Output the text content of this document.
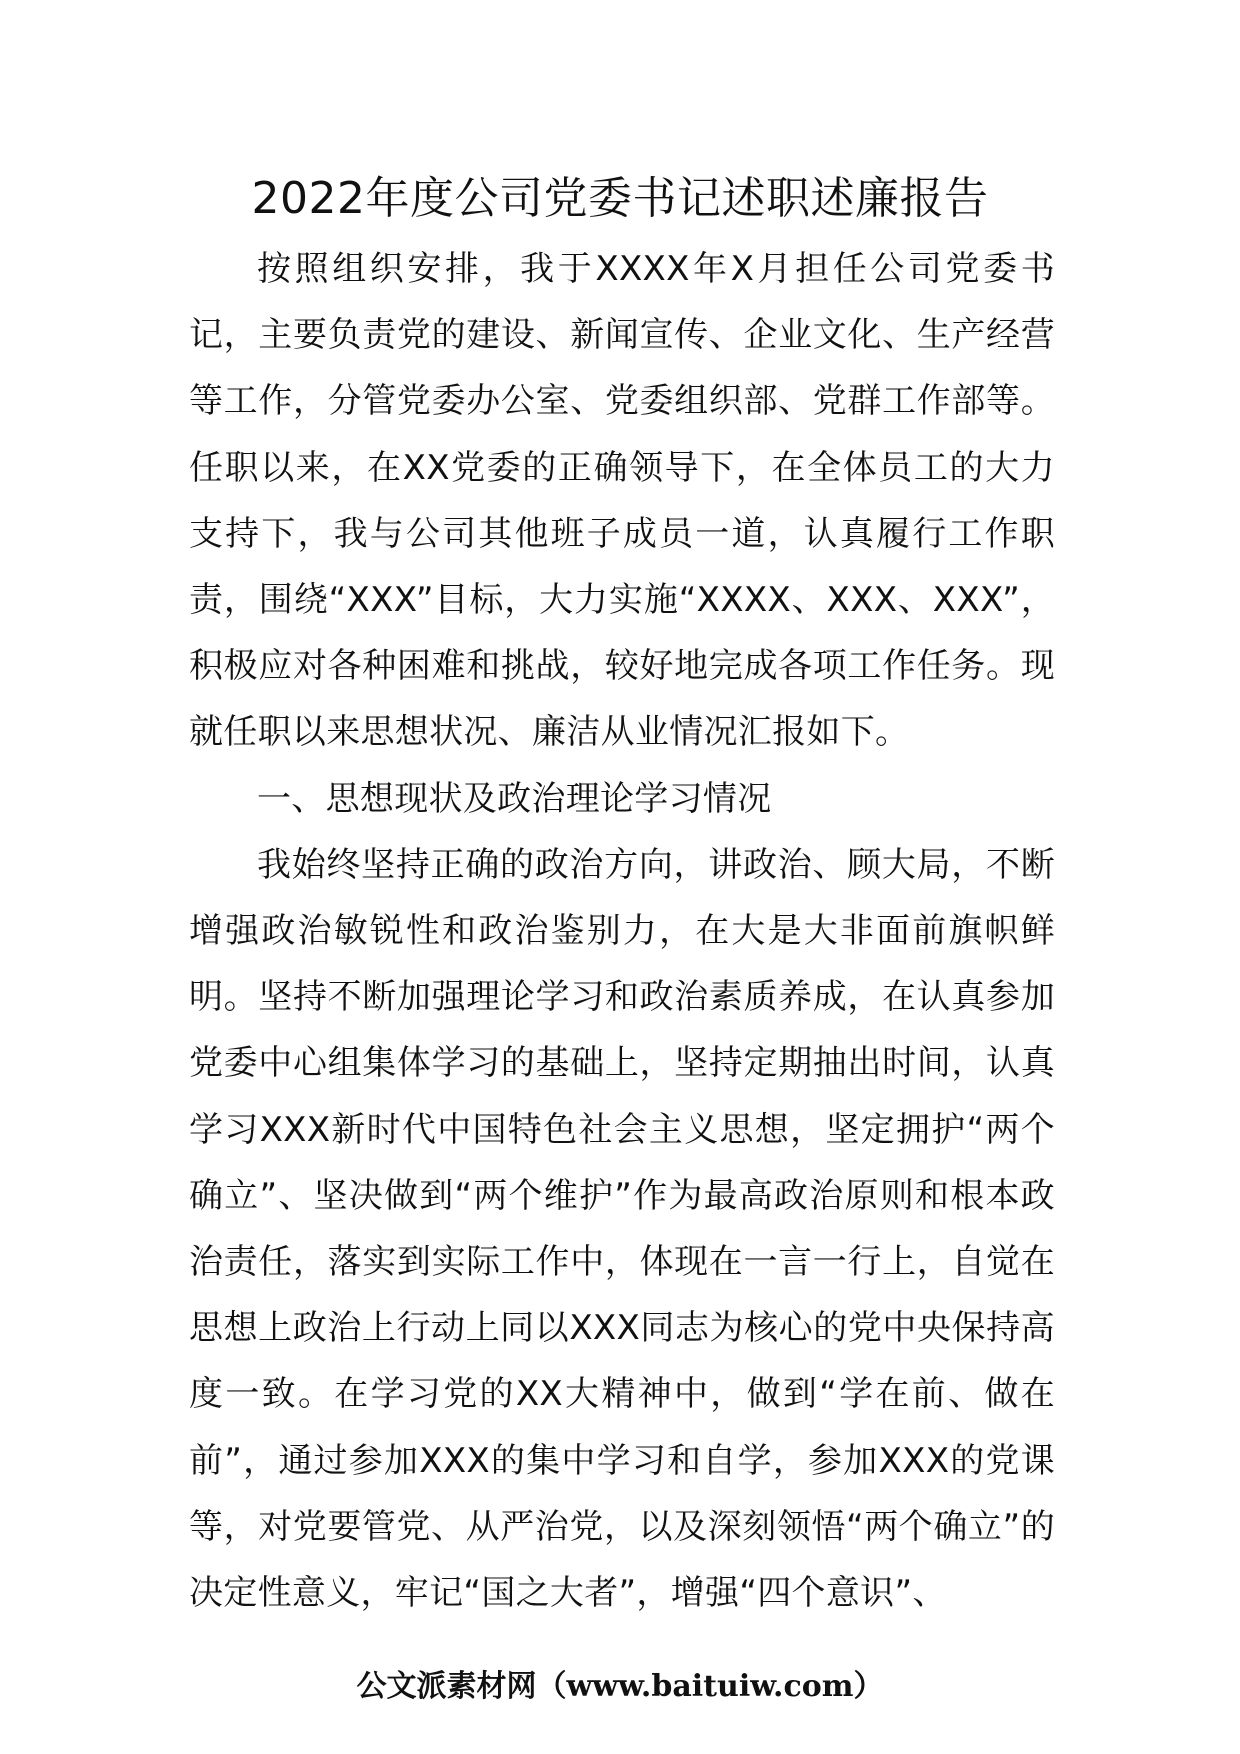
2022年度公司党委书记述职述廉报告

按照组织安排，我于XXXX年X月担任公司党委书记，主要负责党的建设、新闻宣传、企业文化、生产经营等工作，分管党委办公室、党委组织部、党群工作部等。任职以来，在XX党委的正确领导下，在全体员工的大力支持下，我与公司其他班子成员一道，认真履行工作职责，围绕“XXX”目标，大力实施“XXXX、XXX、XXX”，积极应对各种困难和挑战，较好地完成各项工作任务。现就任职以来思想状况、廉洁从业情况汇报如下。

一、思想现状及政治理论学习情况

我始终坚持正确的政治方向，讲政治、顾大局，不断增强政治敏锐性和政治鉴别力，在大是大非面前旗帜鲜明。坚持不断加强理论学习和政治素质养成，在认真参加党委中心组集体学习的基础上，坚持定期抽出时间，认真学习XXX新时代中国特色社会主义思想，坚定拥护“两个确立”、坚决做到“两个维护”作为最高政治原则和根本政治责任，落实到实际工作中，体现在一言一行上，自觉在思想上政治上行动上同以XXX同志为核心的党中央保持高度一致。在学习党的XX大精神中，做到“学在前、做在前”，通过参加XXX的集中学习和自学，参加XXX的党课等，对党要管党、从严治党，以及深刻领悟“两个确立”的决定性意义，牢记“国之大者”，增强“四个意识”、

公文派素材网（www.baituiw.com）
